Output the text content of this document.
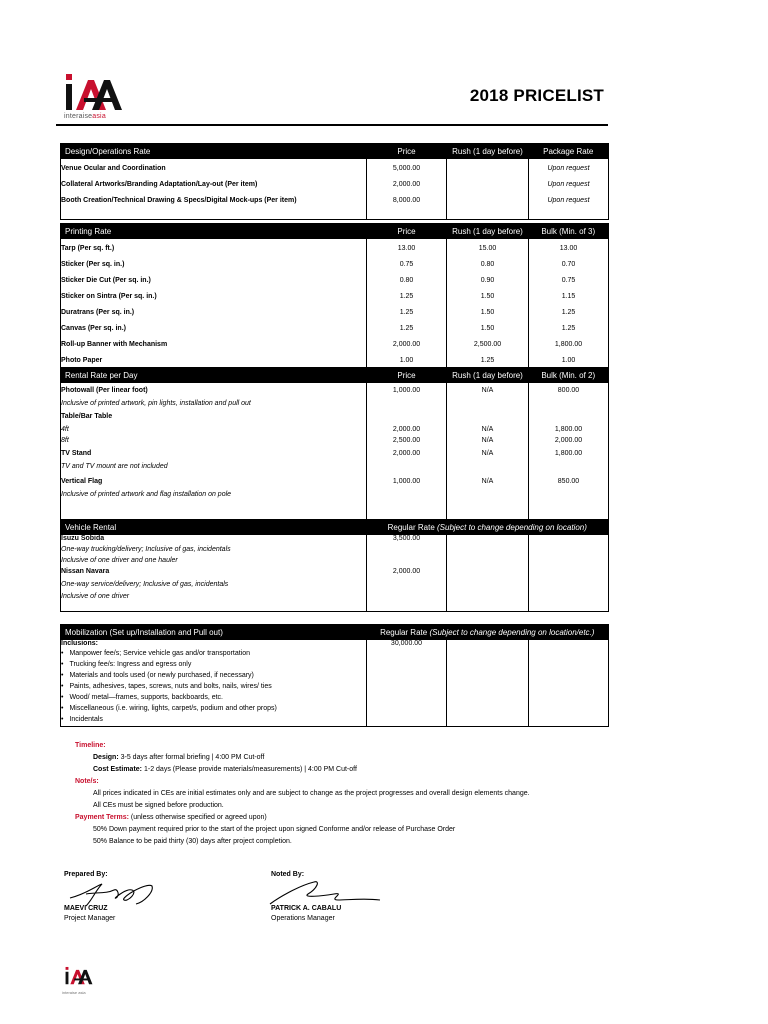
interaiseasia
2018 PRICELIST
Design/Operations Rate	Price	Rush (1 day before)	Package Rate

Venue Ocular and Coordination	5,000.00		Upon request
Collateral Artworks/Branding Adaptation/Lay-out (Per item)	2,000.00		Upon request
Booth Creation/Technical Drawing & Specs/Digital Mock-ups (Per item)	8,000.00		Upon request
Printing Rate	Price	Rush (1 day before)	Bulk (Min. of 3)

Tarp (Per sq. ft.)	13.00	15.00	13.00
Sticker (Per sq. in.)	0.75	0.80	0.70
Sticker Die Cut (Per sq. in.)	0.80	0.90	0.75
Sticker on Sintra (Per sq. in.)	1.25	1.50	1.15
Duratrans (Per sq. in.)	1.25	1.50	1.25
Canvas (Per sq. in.)	1.25	1.50	1.25
Roll-up Banner with Mechanism	2,000.00	2,500.00	1,800.00
Photo Paper	1.00	1.25	1.00
Rental Rate per Day	Price	Rush (1 day before)	Bulk (Min. of 2)

Photowall (Per linear foot)	1,000.00	N/A	800.00
Inclusive of printed artwork, pin lights, installation and pull out			
Table/Bar Table			
4ft	2,000.00	N/A	1,800.00
8ft	2,500.00	N/A	2,000.00
TV Stand	2,000.00	N/A	1,800.00
TV and TV mount are not included			
Vertical Flag	1,000.00	N/A	850.00
Inclusive of printed artwork and flag installation on pole			
Vehicle Rental	Regular Rate (Subject to change depending on location)		
Isuzu Sobida	3,500.00		
One-way trucking/delivery; Inclusive of gas, incidentals			
Inclusive of one driver and one hauler			
Nissan Navara	2,000.00		
One-way service/delivery; Inclusive of gas, incidentals			
Inclusive of one driver			
Mobilization (Set up/Installation and Pull out)	Regular Rate (Subject to change depending on location/etc.)		
Inclusions:	30,000.00		
• Manpower fee/s; Service vehicle gas and/or transportation			
• Trucking fee/s: Ingress and egress only			
• Materials and tools used (or newly purchased, if necessary)			
• Paints, adhesives, tapes, screws, nuts and bolts, nails, wires/ ties			
• Wood/ metal—frames, supports, backboards, etc.			
• Miscellaneous (i.e. wiring, lights, carpet/s, podium and other props)			
• Incidentals			
Timeline:
Design: 3-5 days after formal briefing | 4:00 PM Cut-off
Cost Estimate: 1-2 days (Please provide materials/measurements) | 4:00 PM Cut-off
Note/s:
All prices indicated in CEs are initial estimates only and are subject to change as the project progresses and overall design elements change.
All CEs must be signed before production.
Payment Terms: (unless otherwise specified or agreed upon)
50% Down payment required prior to the start of the project upon signed Conforme and/or release of Purchase Order
50% Balance to be paid thirty (30) days after project completion.
Prepared By:
MAEVI CRUZ
Project Manager
Noted By:
PATRICK A. CABALU
Operations Manager
interaise asia
